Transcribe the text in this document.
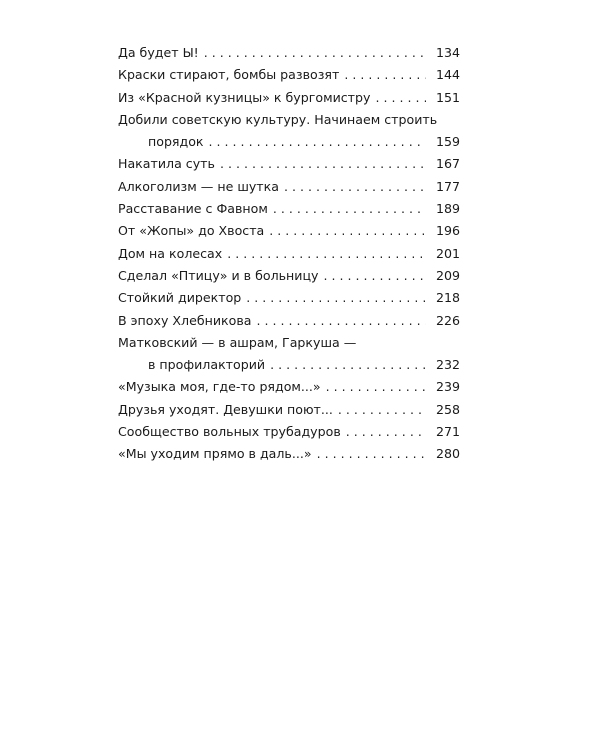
Да будет Ы! . . .	134
Краски стирают, бомбы развозят . . .	144
Из «Красной кузницы» к бургомистру . . .	151
Добили советскую культуру. Начинаем строить
порядок . . .	159
Накатила суть . . .	167
Алкоголизм — не шутка . . .	177
Расставание с Фавном . . .	189
От «Жопы» до Хвоста . . .	196
Дом на колесах . . .	201
Сделал «Птицу» и в больницу . . .	209
Стойкий директор . . .	218
В эпоху Хлебникова . . .	226
Матковский — в ашрам, Гаркуша —
в профилакторий . . .	232
«Музыка моя, где-то рядом...» . . .	239
Друзья уходят. Девушки поют... . . .	258
Сообщество вольных трубадуров . . .	271
«Мы уходим прямо в даль...» . . .	280
